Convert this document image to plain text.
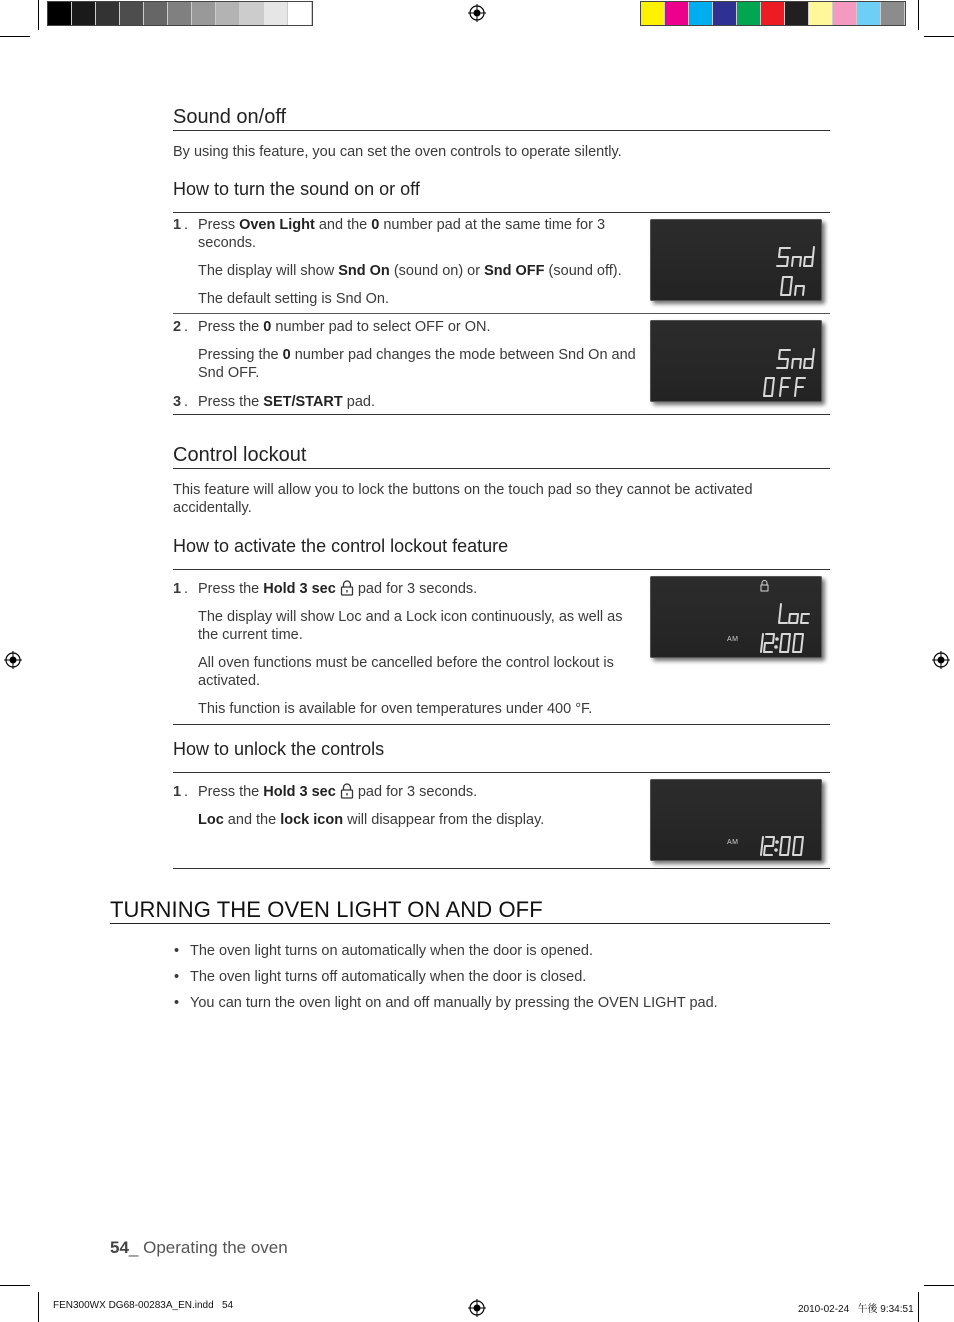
Sound on/off
By using this feature, you can set the oven controls to operate silently.
How to turn the sound on or off
1 . Press Oven Light and the 0 number pad at the same time for 3 seconds.

The display will show Snd On (sound on) or Snd OFF (sound off).

The default setting is Snd On.

2 . Press the 0 number pad to select OFF or ON.

Pressing the 0 number pad changes the mode between Snd On and Snd OFF.

3 . Press the SET/START pad.

Control lockout
This feature will allow you to lock the buttons on the touch pad so they cannot be activated accidentally.
How to activate the control lockout feature
1 . Press the Hold 3 sec  pad for 3 seconds.

The display will show Loc and a Lock icon continuously, as well as the current time.

All oven functions must be cancelled before the control lockout is activated.

This function is available for oven temperatures under 400 °F.

AM
How to unlock the controls
1 . Press the Hold 3 sec  pad for 3 seconds.

Loc and the lock icon will disappear from the display.

AM
TURNING THE OVEN LIGHT ON AND OFF
• The oven light turns on automatically when the door is opened.
• The oven light turns off automatically when the door is closed.
• You can turn the oven light on and off manually by pressing the OVEN LIGHT pad.
54_ Operating the oven
FEN300WX DG68-00283A_EN.indd   54	2010-02-24   午後 9:34:51
